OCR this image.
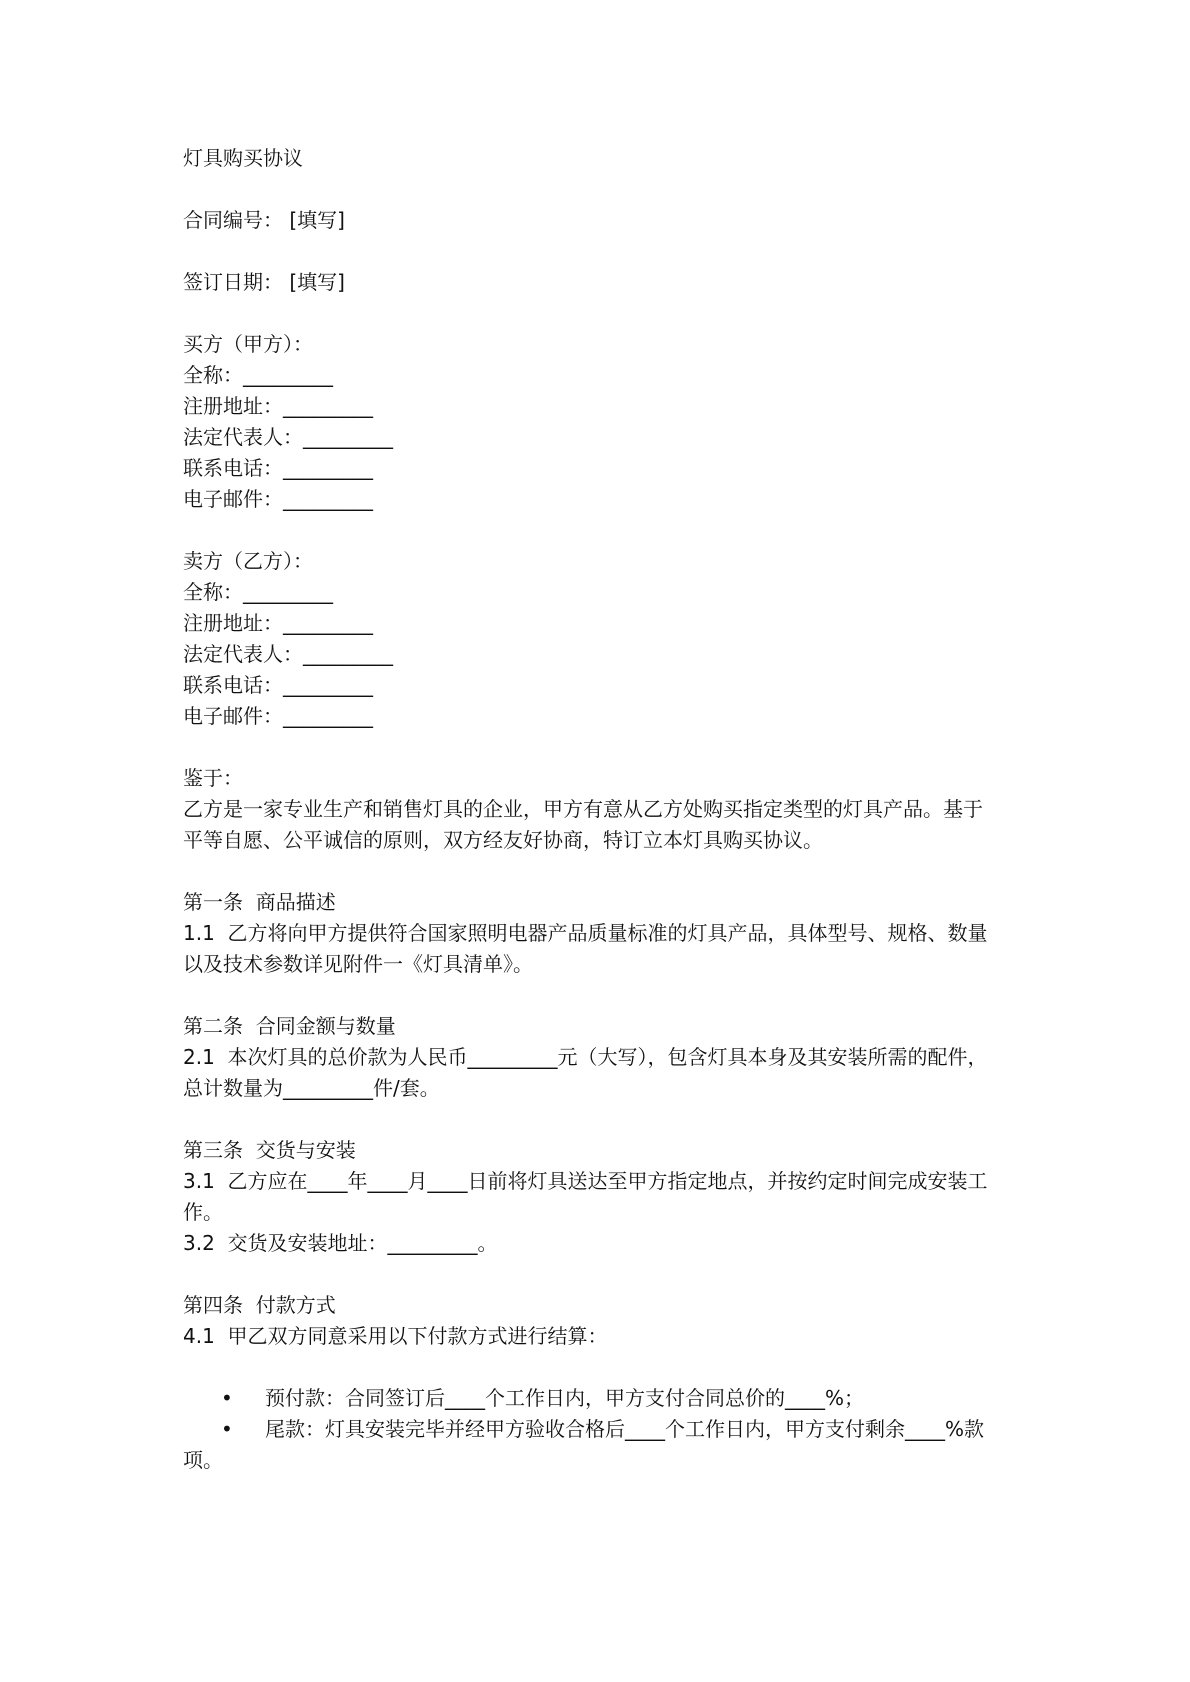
灯具购买协议

合同编号： [填写]

签订日期： [填写]

买方（甲方）：

全称：_________

注册地址：_________

法定代表人：_________

联系电话：_________

电子邮件：_________

卖方（乙方）：

全称：_________

注册地址：_________

法定代表人：_________

联系电话：_________

电子邮件：_________

鉴于：

乙方是一家专业生产和销售灯具的企业，甲方有意从乙方处购买指定类型的灯具产品。基于

平等自愿、公平诚信的原则，双方经友好协商，特订立本灯具购买协议。

第一条  商品描述

1.1  乙方将向甲方提供符合国家照明电器产品质量标准的灯具产品，具体型号、规格、数量

以及技术参数详见附件一《灯具清单》。

第二条  合同金额与数量

2.1  本次灯具的总价款为人民币_________元（大写），包含灯具本身及其安装所需的配件，

总计数量为_________件/套。

第三条  交货与安装

3.1  乙方应在____年____月____日前将灯具送达至甲方指定地点，并按约定时间完成安装工

作。

3.2  交货及安装地址：_________。

第四条  付款方式

4.1  甲乙双方同意采用以下付款方式进行结算：

•	预付款：合同签订后____个工作日内，甲方支付合同总价的____%；
•	尾款：灯具安装完毕并经甲方验收合格后____个工作日内，甲方支付剩余____%款

项。
